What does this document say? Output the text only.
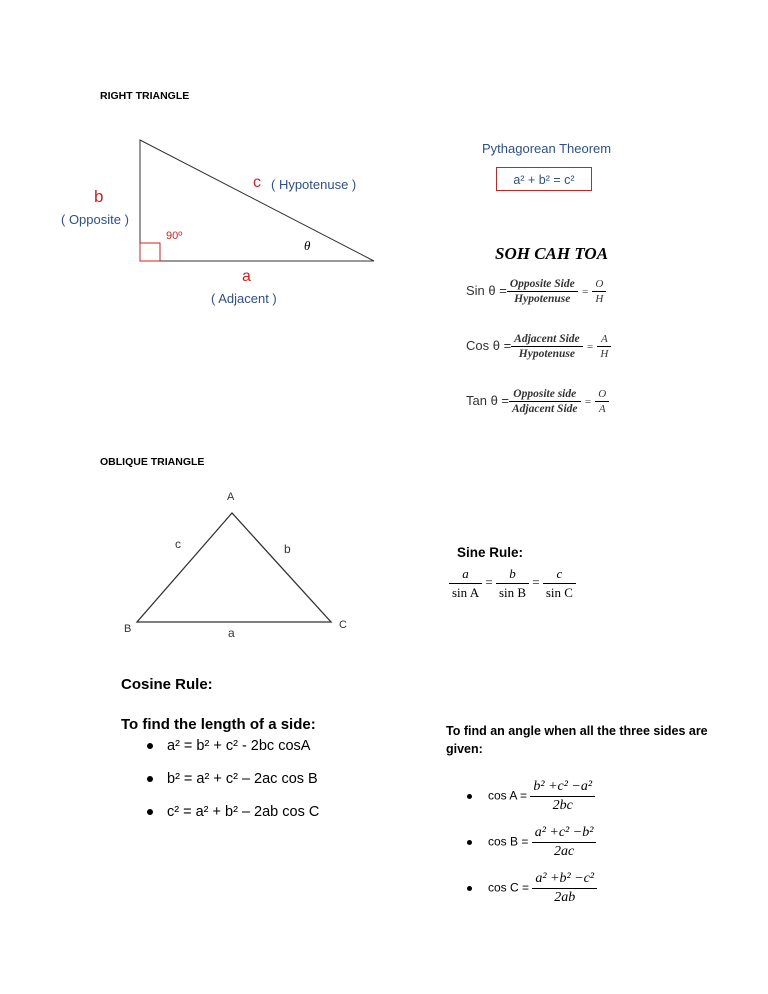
RIGHT TRIANGLE
b
( Opposite )
c ( Hypotenuse )
90º
θ
a
( Adjacent )
Pythagorean Theorem
a² + b² = c²
SOH CAH TOA
Sin $\theta = \frac{\text{Opposite Side}}{\text{Hypotenuse}} = \frac{O}{H}$
Cos $\theta = \frac{\text{Adjacent Side}}{\text{Hypotenuse}} = \frac{A}{H}$
Tan $\theta = \frac{\text{Opposite side}}{\text{Adjacent Side}} = \frac{O}{A}$
OBLIQUE TRIANGLE
A
B	C
a
b
c
Sine Rule:
$\frac{a}{\text{sin A}} = \frac{b}{\text{sin B}} = \frac{c}{\text{sin C}}$
Cosine Rule:
To find the length of a side:
a² = b² + c² - 2bc cosA
b² = a² + c² – 2ac cos B
c² = a² + b² – 2ab cos C
To find an angle when all the three sides are
given:
$\cos A = \frac{\text{b² +c² −a²}}{2bc}$
$\cos B = \frac{\text{a² +c² −b²}}{2ac}$
$\cos C = \frac{\text{a² +b² −c²}}{2ab}$
